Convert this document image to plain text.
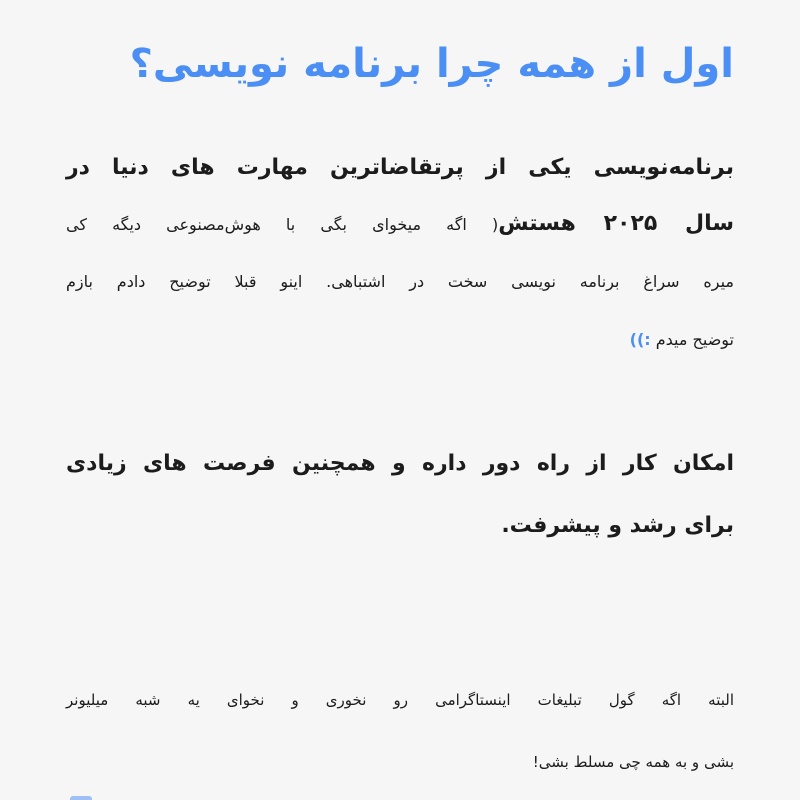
اول از همه چرا برنامه نویسی؟
برنامه‌نویسی یکی از پرتقاضاترین مهارت های دنیا در
سال ۲۰۲۵ هستش( اگه میخوای بگی با هوش‌مصنوعی دیگه کی
میره سراغ برنامه نویسی سخت در اشتباهی. اینو قبلا توضیح دادم بازم
توضیح میدم :))
امکان کار از راه دور داره و همچنین فرصت های زیادی
برای رشد و پیشرفت.
البته اگه گول تبلیغات اینستاگرامی رو نخوری و نخوای یه شبه میلیونر
بشی و به همه چی مسلط بشی!
